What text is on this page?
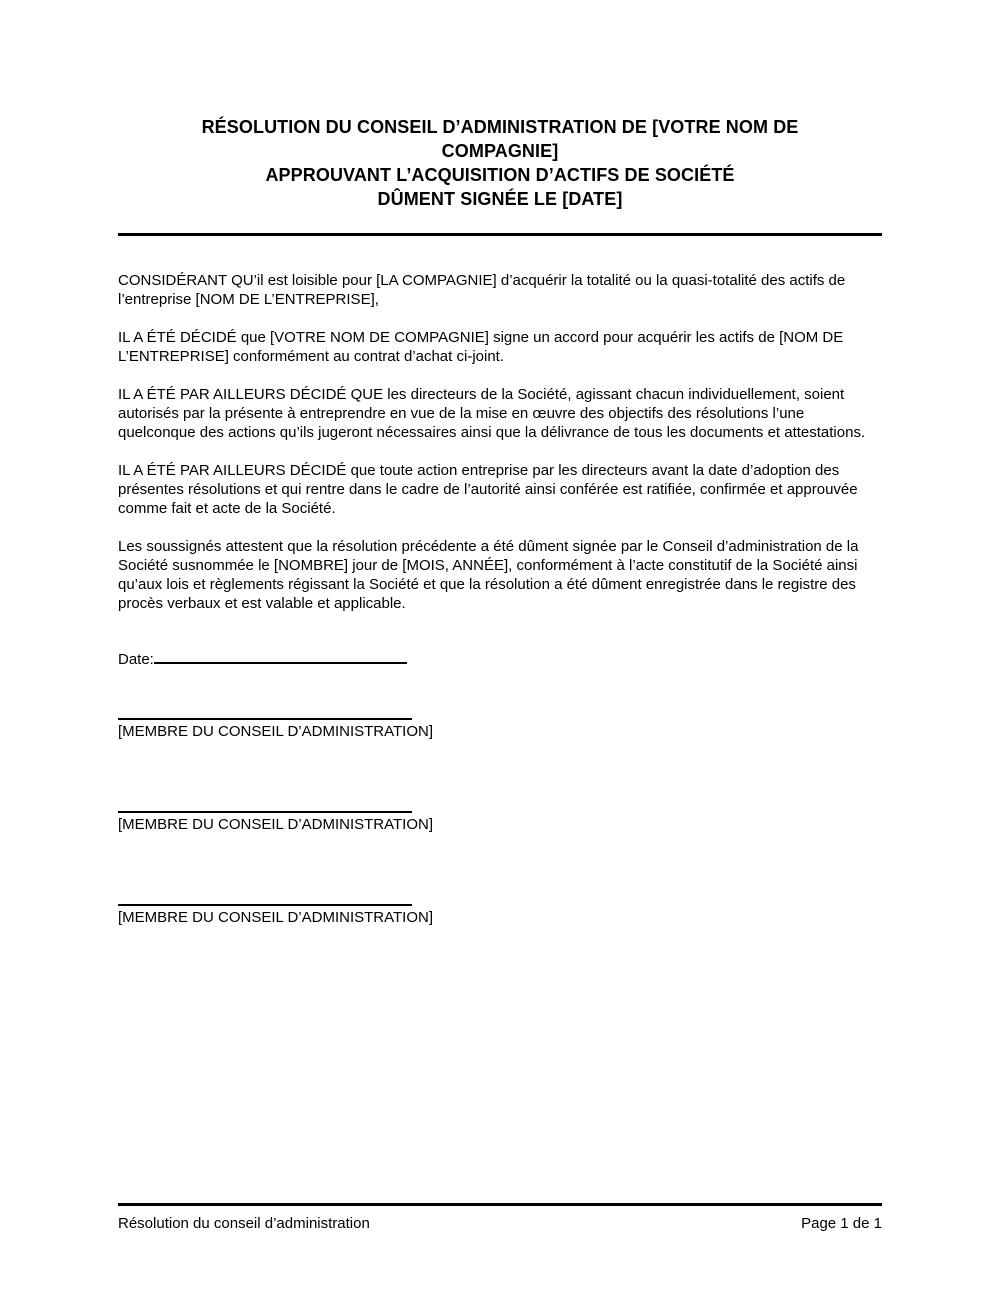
RÉSOLUTION DU CONSEIL D’ADMINISTRATION DE [VOTRE NOM DE
COMPAGNIE]
APPROUVANT L’ACQUISITION D’ACTIFS DE SOCIÉTÉ
DÛMENT SIGNÉE LE [DATE]

CONSIDÉRANT QU’il est loisible pour [LA COMPAGNIE] d’acquérir la totalité ou la quasi-totalité des actifs de l’entreprise [NOM DE L’ENTREPRISE],

IL A ÉTÉ DÉCIDÉ que [VOTRE NOM DE COMPAGNIE] signe un accord pour acquérir les actifs de [NOM DE L’ENTREPRISE] conformément au contrat d’achat ci-joint.

IL A ÉTÉ PAR AILLEURS DÉCIDÉ QUE les directeurs de la Société, agissant chacun individuellement, soient autorisés par la présente à entreprendre en vue de la mise en œuvre des objectifs des résolutions l’une quelconque des actions qu’ils jugeront nécessaires ainsi que la délivrance de tous les documents et attestations.

IL A ÉTÉ PAR AILLEURS DÉCIDÉ que toute action entreprise par les directeurs avant la date d’adoption des présentes résolutions et qui rentre dans le cadre de l’autorité ainsi conférée est ratifiée, confirmée et approuvée comme fait et acte de la Société.

Les soussignés attestent que la résolution précédente a été dûment signée par le Conseil d’administration de la Société susnommée le [NOMBRE] jour de [MOIS, ANNÉE], conformément à l’acte constitutif de la Société ainsi qu’aux lois et règlements régissant la Société et que la résolution a été dûment enregistrée dans le registre des procès verbaux et est valable et applicable.

Date:
[MEMBRE DU CONSEIL D’ADMINISTRATION]
[MEMBRE DU CONSEIL D’ADMINISTRATION]
[MEMBRE DU CONSEIL D’ADMINISTRATION]
Résolution du conseil d’administration	Page 1 de 1
